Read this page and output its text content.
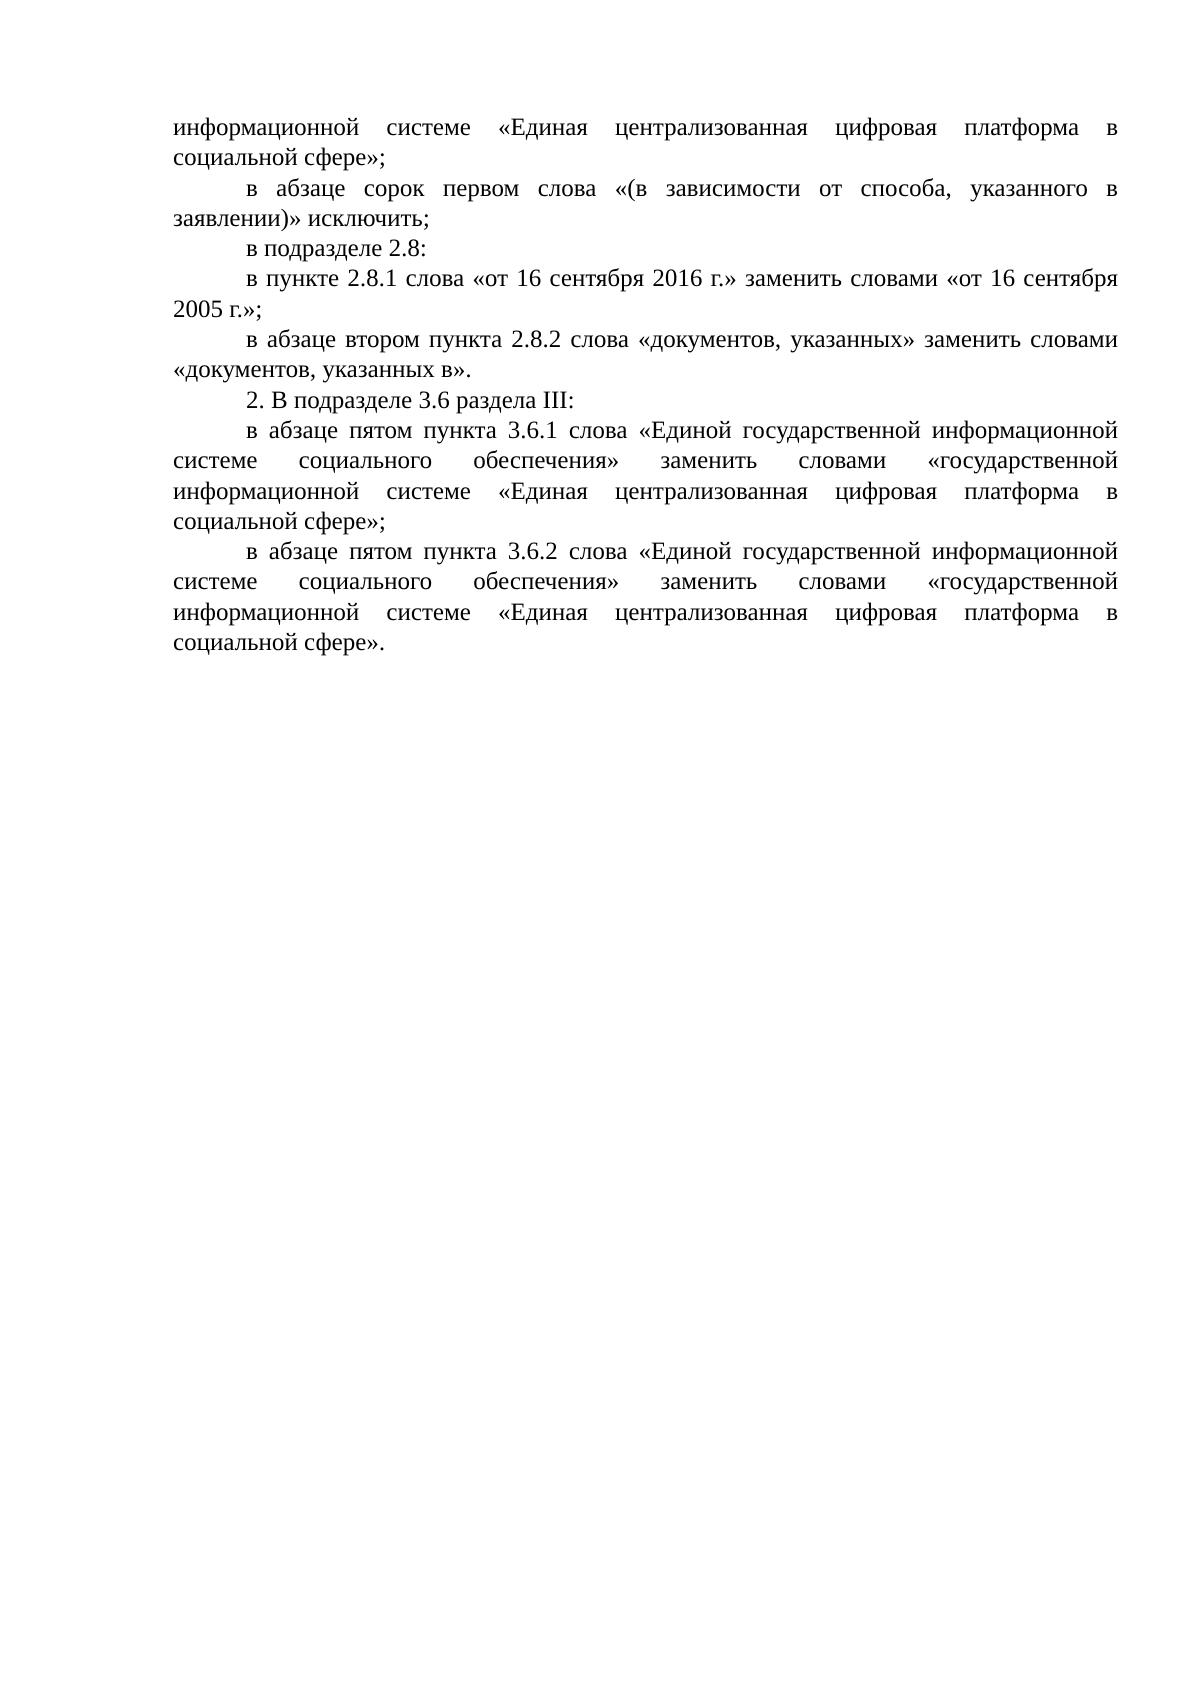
информационной системе «Единая централизованная цифровая платформа в социальной сфере»;

в абзаце сорок первом слова «(в зависимости от способа, указанного в заявлении)» исключить;

в подразделе 2.8:

в пункте 2.8.1 слова «от 16 сентября 2016 г.» заменить словами «от 16 сентября 2005 г.»;

в абзаце втором пункта 2.8.2 слова «документов, указанных» заменить словами «документов, указанных в».

2. В подразделе 3.6 раздела III:

в абзаце пятом пункта 3.6.1 слова «Единой государственной информационной системе социального обеспечения» заменить словами «государственной информационной системе «Единая централизованная цифровая платформа в социальной сфере»;

в абзаце пятом пункта 3.6.2 слова «Единой государственной информационной системе социального обеспечения» заменить словами «государственной информационной системе «Единая централизованная цифровая платформа в социальной сфере».
